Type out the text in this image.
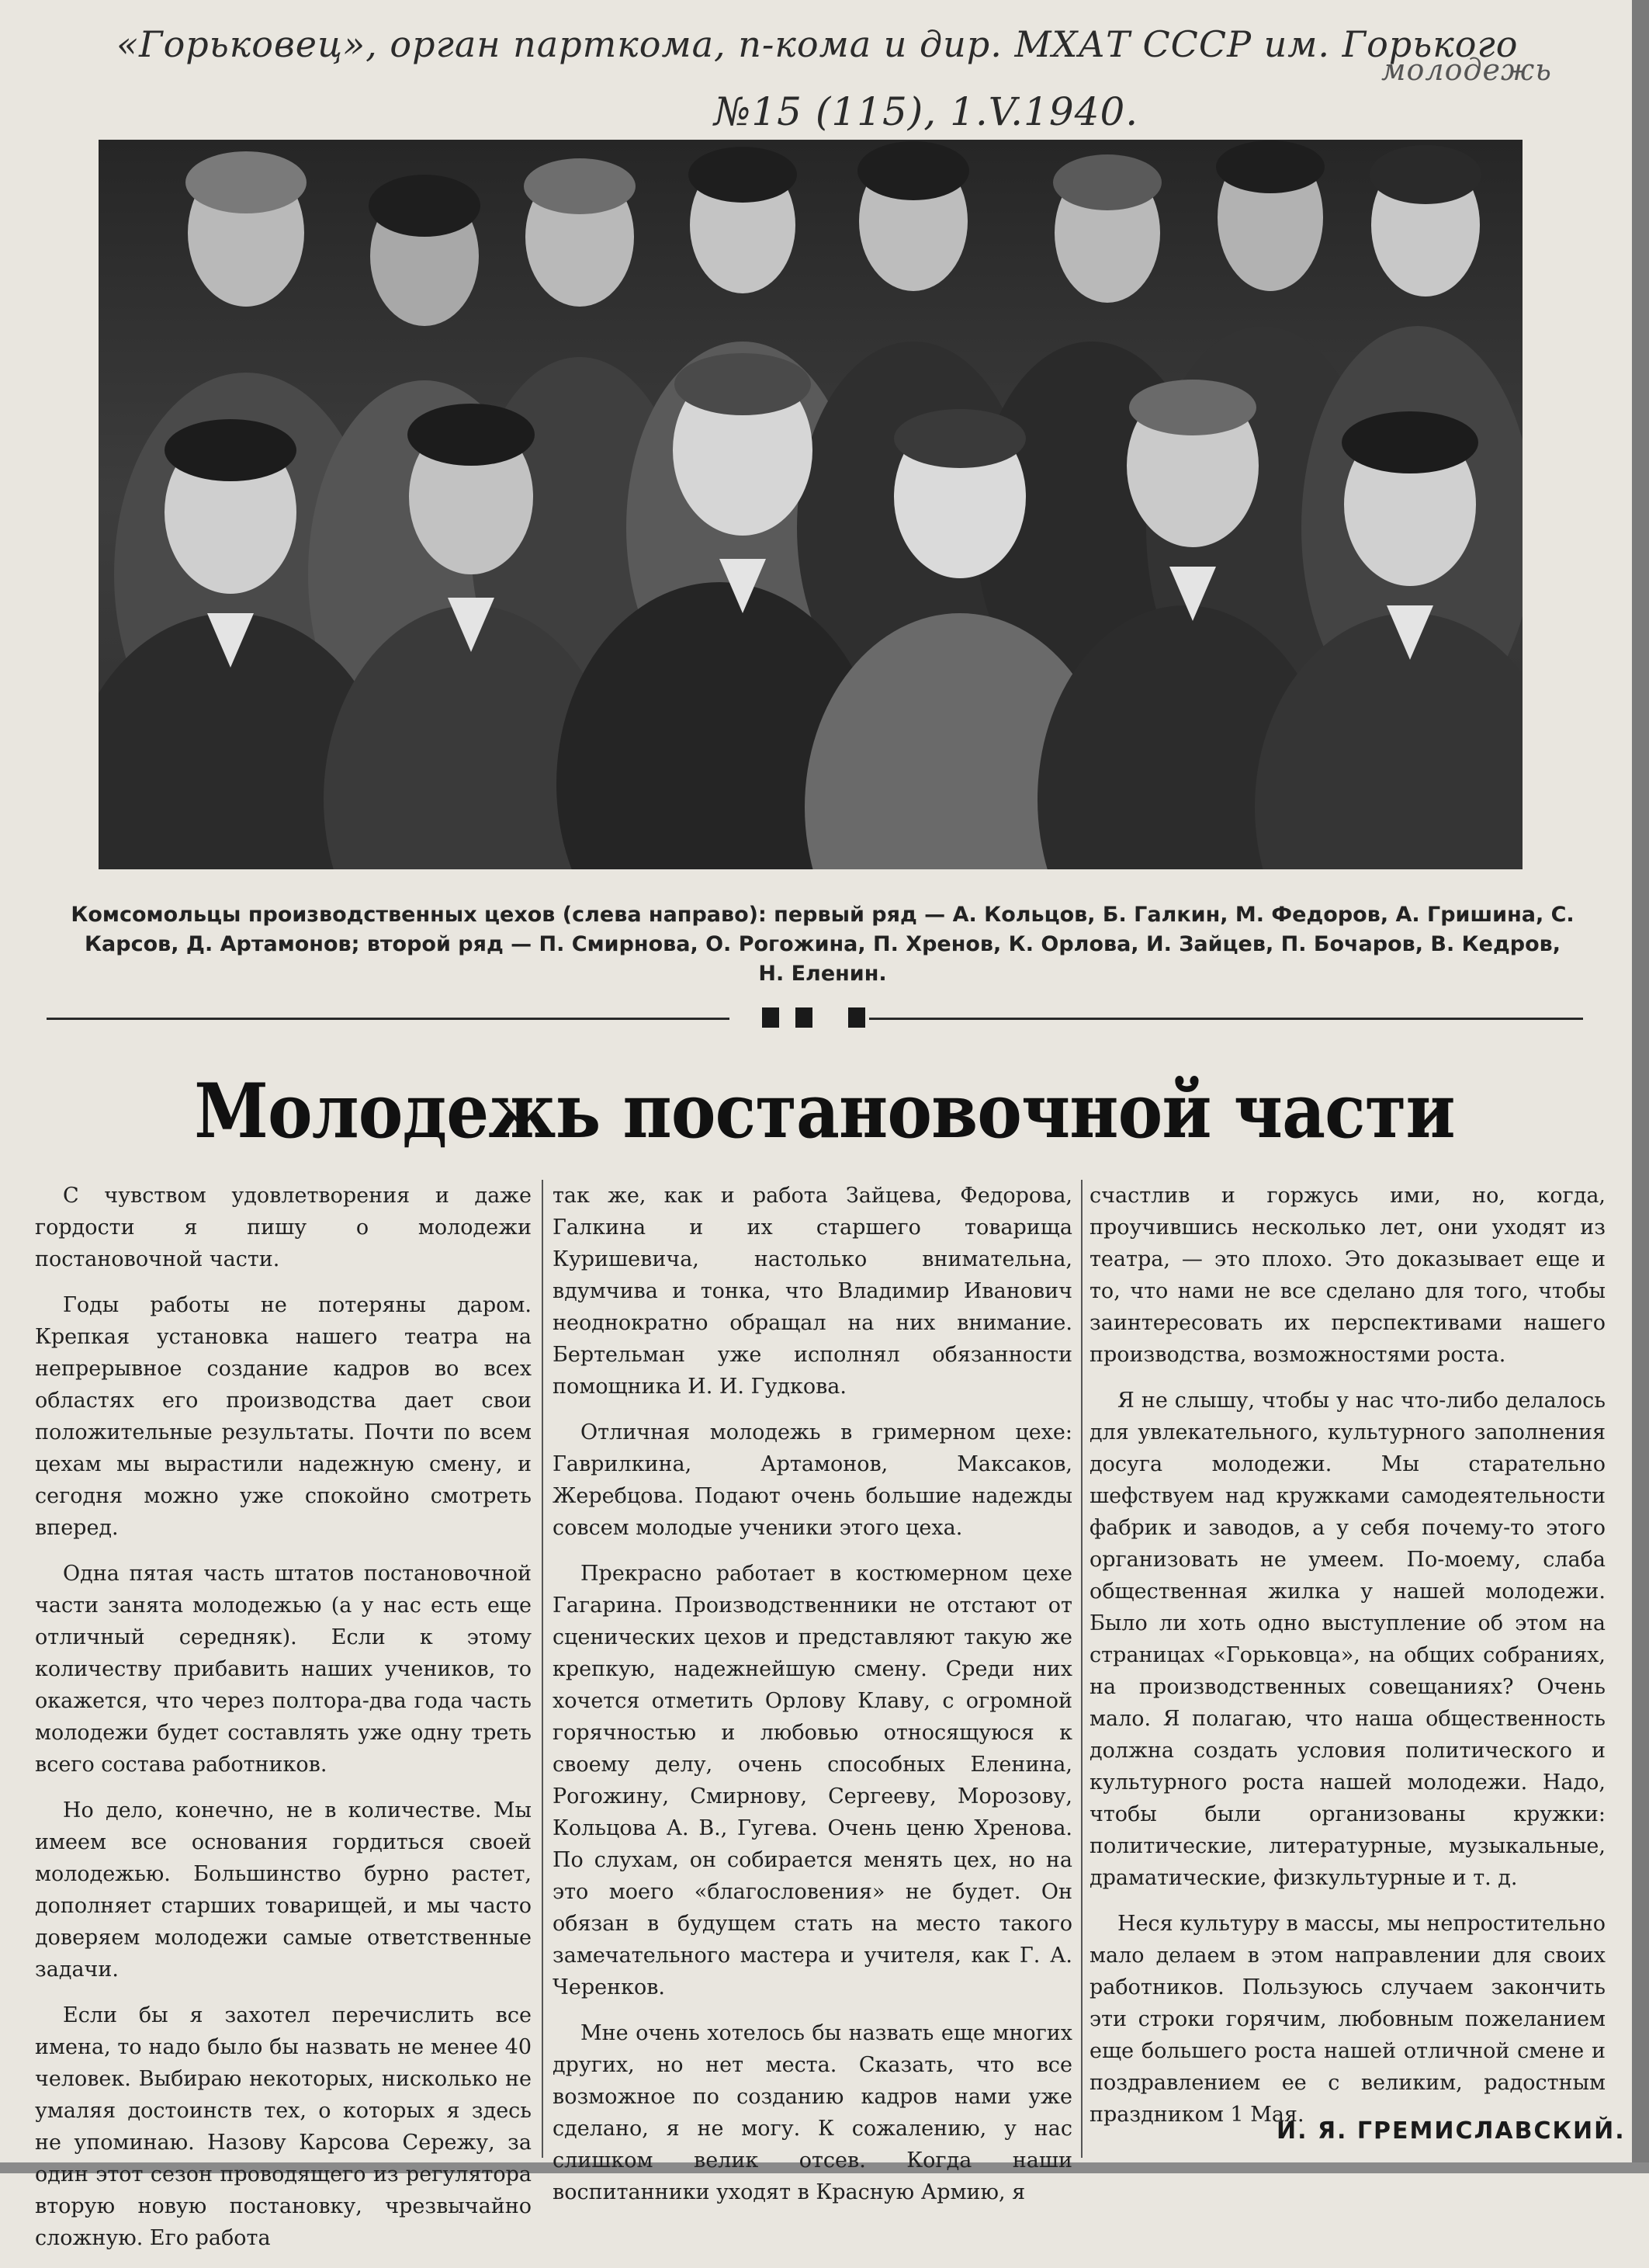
«Горьковец», орган парткома, п-кома и дир. МХАТ СССР им. Горького
молодежь
№15 (115), 1.V.1940.
Комсомольцы производственных цехов (слева направо): первый ряд — А. Кольцов, Б. Галкин, М. Федоров, А. Гришина, С. Карсов, Д. Артамонов; второй ряд — П. Смирнова, О. Рогожина, П. Хренов, К. Орлова, И. Зайцев, П. Бочаров, В. Кедров, Н. Еленин.
Молодежь постановочной части

С чувством удовлетворения и даже гордости я пишу о молодежи постановочной части.

Годы работы не потеряны даром. Крепкая установка нашего театра на непрерывное создание кадров во всех областях его производства дает свои положительные результаты. Почти по всем цехам мы вырастили надежную смену, и сегодня можно уже спокойно смотреть вперед.

Одна пятая часть штатов постановочной части занята молодежью (а у нас есть еще отличный середняк). Если к этому количеству прибавить наших учеников, то окажется, что через полтора-два года часть молодежи будет составлять уже одну треть всего состава работников.

Но дело, конечно, не в количестве. Мы имеем все основания гордиться своей молодежью. Большинство бурно растет, дополняет старших товарищей, и мы часто доверяем молодежи самые ответственные задачи.

Если бы я захотел перечислить все имена, то надо было бы назвать не менее 40 человек. Выбираю некоторых, нисколько не умаляя достоинств тех, о которых я здесь не упоминаю. Назову Карсова Сережу, за один этот сезон проводящего из регулятора вторую новую постановку, чрезвычайно сложную. Его работа

так же, как и работа Зайцева, Федорова, Галкина и их старшего товарища Куришевича, настолько внимательна, вдумчива и тонка, что Владимир Иванович неоднократно обращал на них внимание. Бертельман уже исполнял обязанности помощника И. И. Гудкова.

Отличная молодежь в гримерном цехе: Гаврилкина, Артамонов, Максаков, Жеребцова. Подают очень большие надежды совсем молодые ученики этого цеха.

Прекрасно работает в костюмерном цехе Гагарина. Производственники не отстают от сценических цехов и представляют такую же крепкую, надежнейшую смену. Среди них хочется отметить Орлову Клаву, с огромной горячностью и любовью относящуюся к своему делу, очень способных Еленина, Рогожину, Смирнову, Сергееву, Морозову, Кольцова А. В., Гугева. Очень ценю Хренова. По слухам, он собирается менять цех, но на это моего «благословения» не будет. Он обязан в будущем стать на место такого замечательного мастера и учителя, как Г. А. Черенков.

Мне очень хотелось бы назвать еще многих других, но нет места. Сказать, что все возможное по созданию кадров нами уже сделано, я не могу. К сожалению, у нас слишком велик отсев. Когда наши воспитанники уходят в Красную Армию, я

счастлив и горжусь ими, но, когда, проучившись несколько лет, они уходят из театра, — это плохо. Это доказывает еще и то, что нами не все сделано для того, чтобы заинтересовать их перспективами нашего производства, возможностями роста.

Я не слышу, чтобы у нас что-либо делалось для увлекательного, культурного заполнения досуга молодежи. Мы старательно шефствуем над кружками самодеятельности фабрик и заводов, а у себя почему-то этого организовать не умеем. По-моему, слаба общественная жилка у нашей молодежи. Было ли хоть одно выступление об этом на страницах «Горьковца», на общих собраниях, на производственных совещаниях? Очень мало. Я полагаю, что наша общественность должна создать условия политического и культурного роста нашей молодежи. Надо, чтобы были организованы кружки: политические, литературные, музыкальные, драматические, физкультурные и т. д.

Неся культуру в массы, мы непростительно мало делаем в этом направлении для своих работников. Пользуюсь случаем закончить эти строки горячим, любовным пожеланием еще большего роста нашей отличной смене и поздравлением ее с великим, радостным праздником 1 Мая.

И. Я. ГРЕМИСЛАВСКИЙ.
